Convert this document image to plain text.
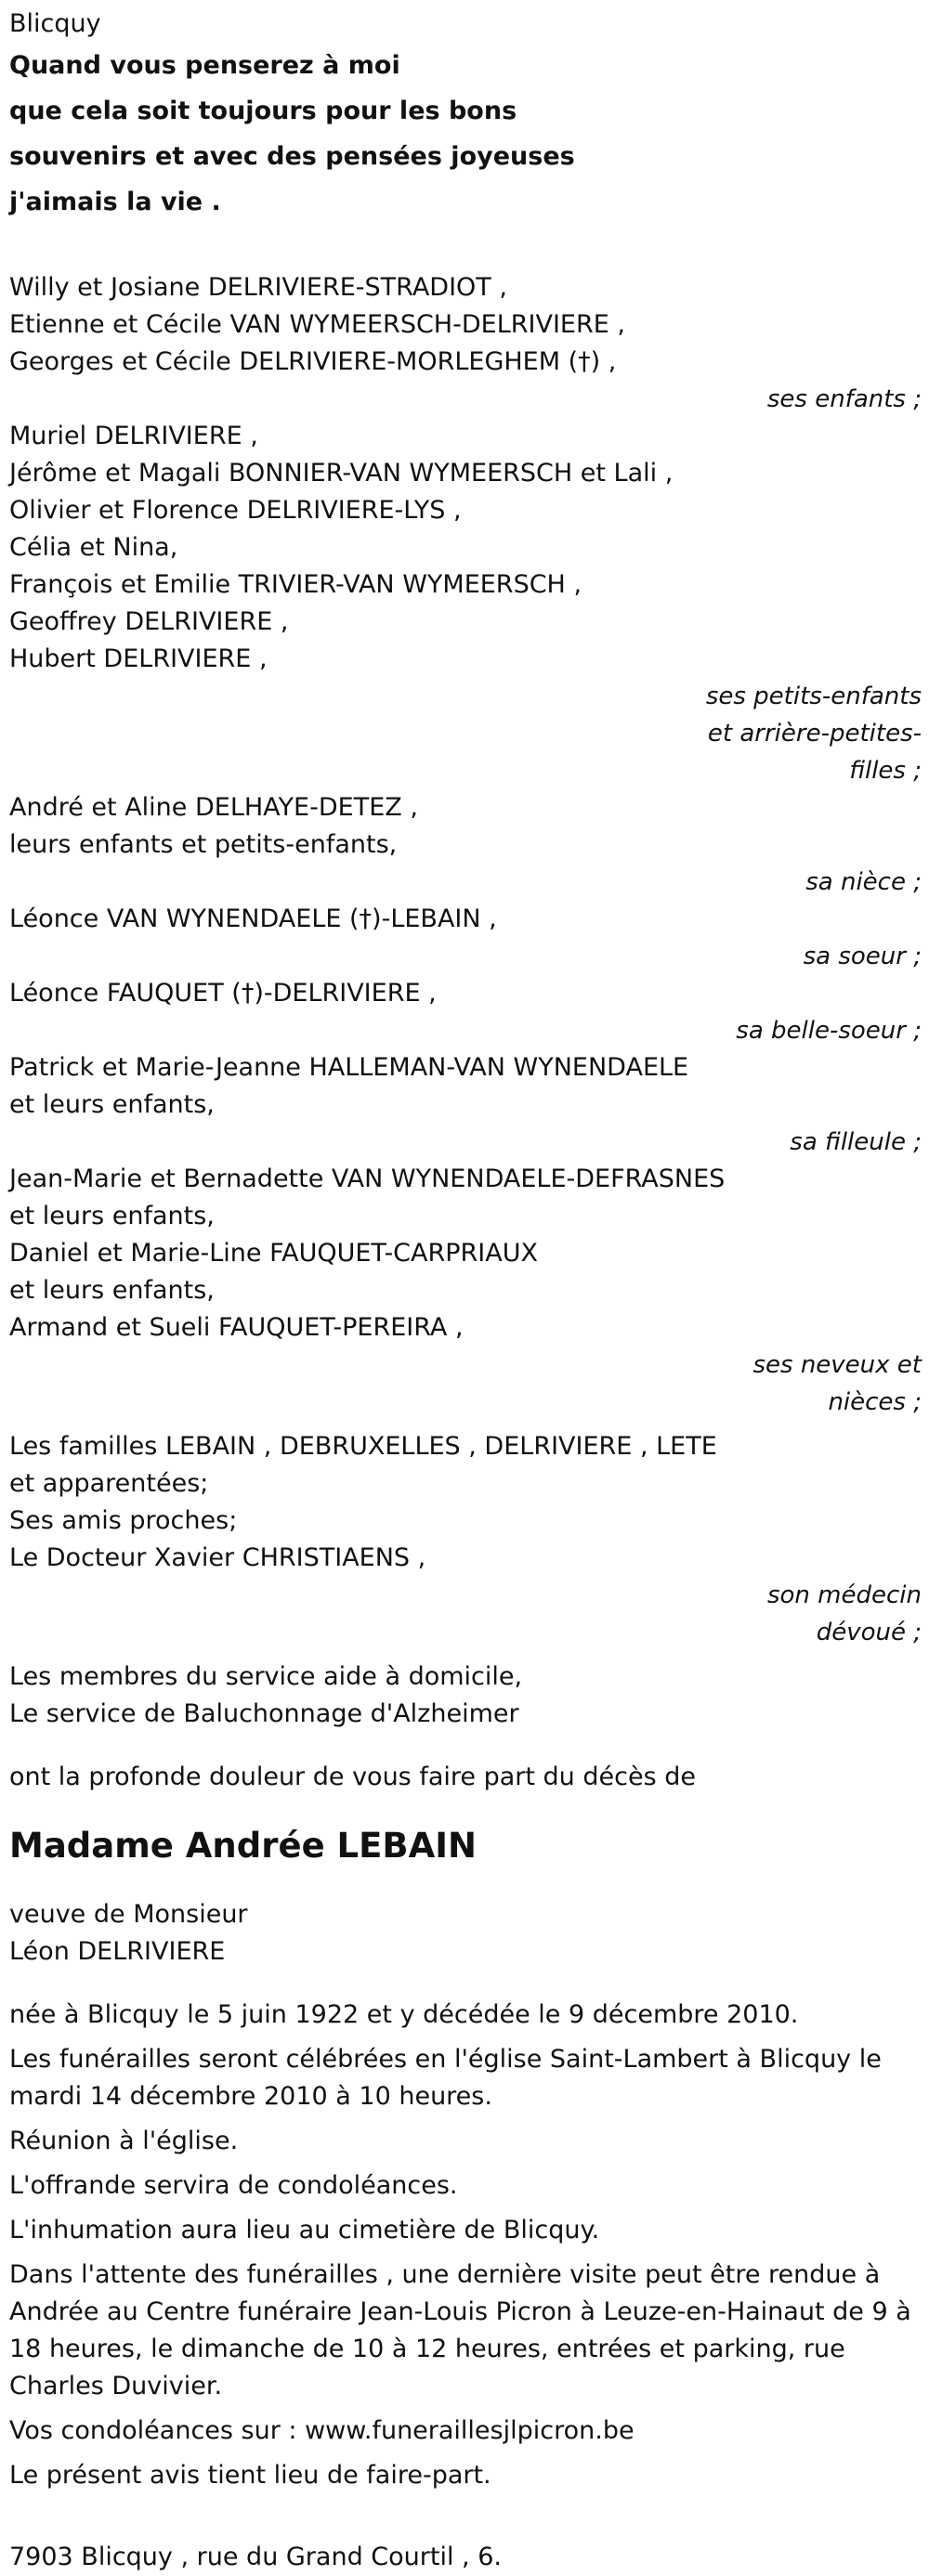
Blicquy
Quand vous penserez à moi
que cela soit toujours pour les bons
souvenirs et avec des pensées joyeuses
j'aimais la vie .
Willy et Josiane DELRIVIERE-STRADIOT ,
Etienne et Cécile VAN WYMEERSCH-DELRIVIERE ,
Georges et Cécile DELRIVIERE-MORLEGHEM (†) ,
ses enfants ;
Muriel DELRIVIERE ,
Jérôme et Magali BONNIER-VAN WYMEERSCH et Lali ,
Olivier et Florence DELRIVIERE-LYS ,
Célia et Nina,
François et Emilie TRIVIER-VAN WYMEERSCH ,
Geoffrey DELRIVIERE ,
Hubert DELRIVIERE ,
ses petits-enfants
et arrière-petites-
filles ;
André et Aline DELHAYE-DETEZ ,
leurs enfants et petits-enfants,
sa nièce ;
Léonce VAN WYNENDAELE (†)-LEBAIN ,
sa soeur ;
Léonce FAUQUET (†)-DELRIVIERE ,
sa belle-soeur ;
Patrick et Marie-Jeanne HALLEMAN-VAN WYNENDAELE
et leurs enfants,
sa filleule ;
Jean-Marie et Bernadette VAN WYNENDAELE-DEFRASNES
et leurs enfants,
Daniel et Marie-Line FAUQUET-CARPRIAUX
et leurs enfants,
Armand et Sueli FAUQUET-PEREIRA ,
ses neveux et
nièces ;
Les familles LEBAIN , DEBRUXELLES , DELRIVIERE , LETE
et apparentées;
Ses amis proches;
Le Docteur Xavier CHRISTIAENS ,
son médecin
dévoué ;
Les membres du service aide à domicile,
Le service de Baluchonnage d'Alzheimer
ont la profonde douleur de vous faire part du décès de
Madame Andrée LEBAIN
veuve de Monsieur
Léon DELRIVIERE
née à Blicquy le 5 juin 1922 et y décédée le 9 décembre 2010.
Les funérailles seront célébrées en l'église Saint-Lambert à Blicquy le mardi 14 décembre 2010 à 10 heures.
Réunion à l'église.
L'offrande servira de condoléances.
L'inhumation aura lieu au cimetière de Blicquy.
Dans l'attente des funérailles , une dernière visite peut être rendue à Andrée au Centre funéraire Jean-Louis Picron à Leuze-en-Hainaut de 9 à 18 heures, le dimanche de 10 à 12 heures, entrées et parking, rue Charles Duvivier.
Vos condoléances sur : www.funeraillesjlpicron.be
Le présent avis tient lieu de faire-part.
7903 Blicquy , rue du Grand Courtil , 6.
